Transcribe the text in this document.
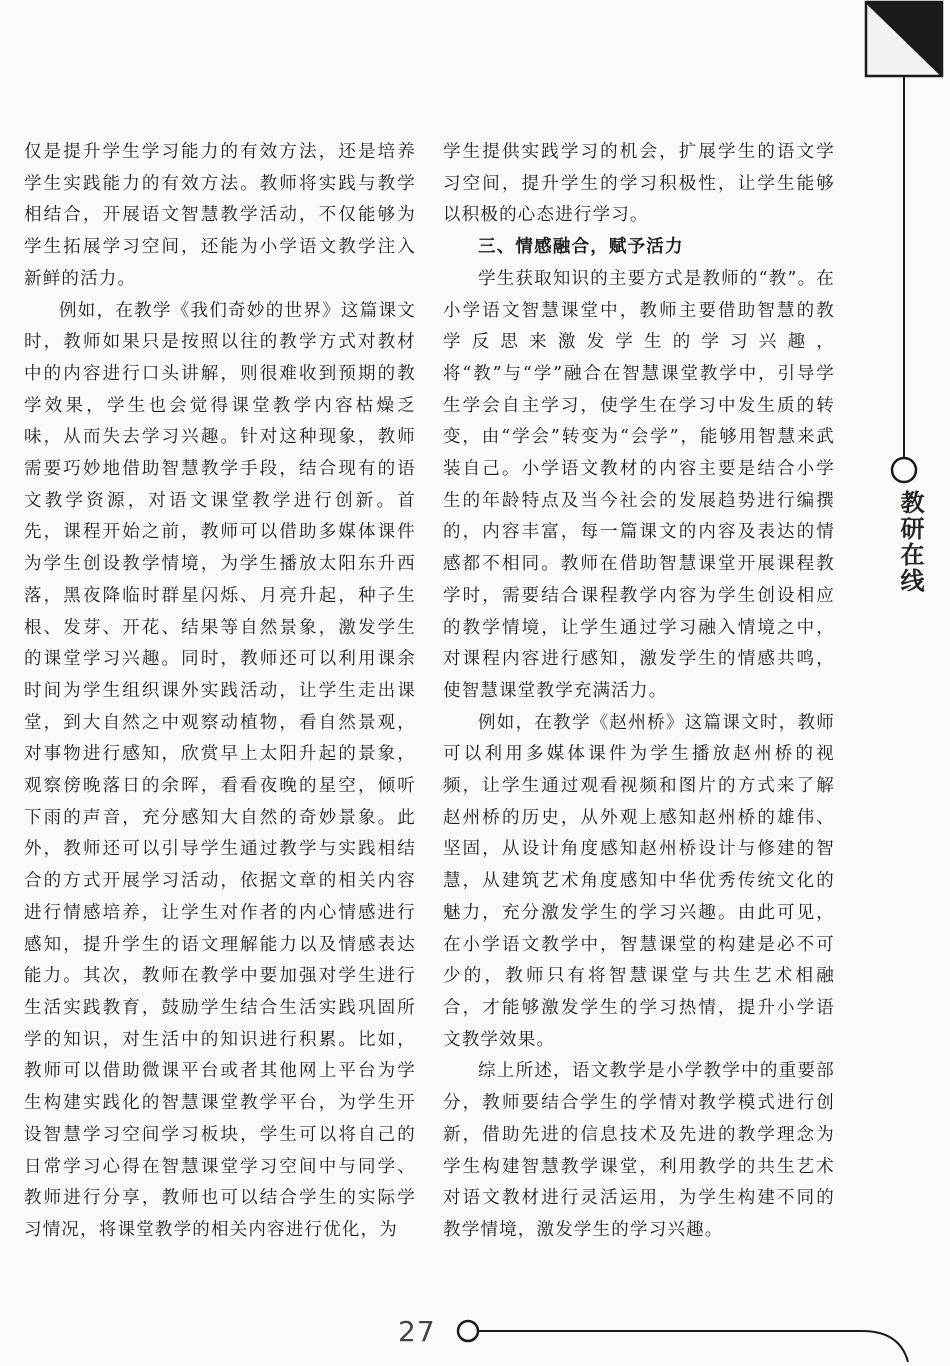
教研在线

仅是提升学生学习能力的有效方法，还是培养学生实践能力的有效方法。教师将实践与教学相结合，开展语文智慧教学活动，不仅能够为学生拓展学习空间，还能为小学语文教学注入新鲜的活力。

例如，在教学《我们奇妙的世界》这篇课文时，教师如果只是按照以往的教学方式对教材中的内容进行口头讲解，则很难收到预期的教学效果，学生也会觉得课堂教学内容枯燥乏味，从而失去学习兴趣。针对这种现象，教师需要巧妙地借助智慧教学手段，结合现有的语文教学资源，对语文课堂教学进行创新。首先，课程开始之前，教师可以借助多媒体课件为学生创设教学情境，为学生播放太阳东升西落，黑夜降临时群星闪烁、月亮升起，种子生根、发芽、开花、结果等自然景象，激发学生的课堂学习兴趣。同时，教师还可以利用课余时间为学生组织课外实践活动，让学生走出课堂，到大自然之中观察动植物，看自然景观，对事物进行感知，欣赏早上太阳升起的景象，观察傍晚落日的余晖，看看夜晚的星空，倾听下雨的声音，充分感知大自然的奇妙景象。此外，教师还可以引导学生通过教学与实践相结合的方式开展学习活动，依据文章的相关内容进行情感培养，让学生对作者的内心情感进行感知，提升学生的语文理解能力以及情感表达能力。其次，教师在教学中要加强对学生进行生活实践教育，鼓励学生结合生活实践巩固所学的知识，对生活中的知识进行积累。比如，教师可以借助微课平台或者其他网上平台为学生构建实践化的智慧课堂教学平台，为学生开设智慧学习空间学习板块，学生可以将自己的日常学习心得在智慧课堂学习空间中与同学、教师进行分享，教师也可以结合学生的实际学习情况，将课堂教学的相关内容进行优化，为

学生提供实践学习的机会，扩展学生的语文学习空间，提升学生的学习积极性，让学生能够以积极的心态进行学习。

三、情感融合，赋予活力

学生获取知识的主要方式是教师的“教”。在小学语文智慧课堂中，教师主要借助智慧的教学反思来激发学生的学习兴趣，将“教”与“学”融合在智慧课堂教学中，引导学生学会自主学习，使学生在学习中发生质的转变，由“学会”转变为“会学”，能够用智慧来武装自己。小学语文教材的内容主要是结合小学生的年龄特点及当今社会的发展趋势进行编撰的，内容丰富，每一篇课文的内容及表达的情感都不相同。教师在借助智慧课堂开展课程教学时，需要结合课程教学内容为学生创设相应的教学情境，让学生通过学习融入情境之中，对课程内容进行感知，激发学生的情感共鸣，使智慧课堂教学充满活力。

例如，在教学《赵州桥》这篇课文时，教师可以利用多媒体课件为学生播放赵州桥的视频，让学生通过观看视频和图片的方式来了解赵州桥的历史，从外观上感知赵州桥的雄伟、坚固，从设计角度感知赵州桥设计与修建的智慧，从建筑艺术角度感知中华优秀传统文化的魅力，充分激发学生的学习兴趣。由此可见，在小学语文教学中，智慧课堂的构建是必不可少的，教师只有将智慧课堂与共生艺术相融合，才能够激发学生的学习热情，提升小学语文教学效果。

综上所述，语文教学是小学教学中的重要部分，教师要结合学生的学情对教学模式进行创新，借助先进的信息技术及先进的教学理念为学生构建智慧教学课堂，利用教学的共生艺术对语文教材进行灵活运用，为学生构建不同的教学情境，激发学生的学习兴趣。

27
